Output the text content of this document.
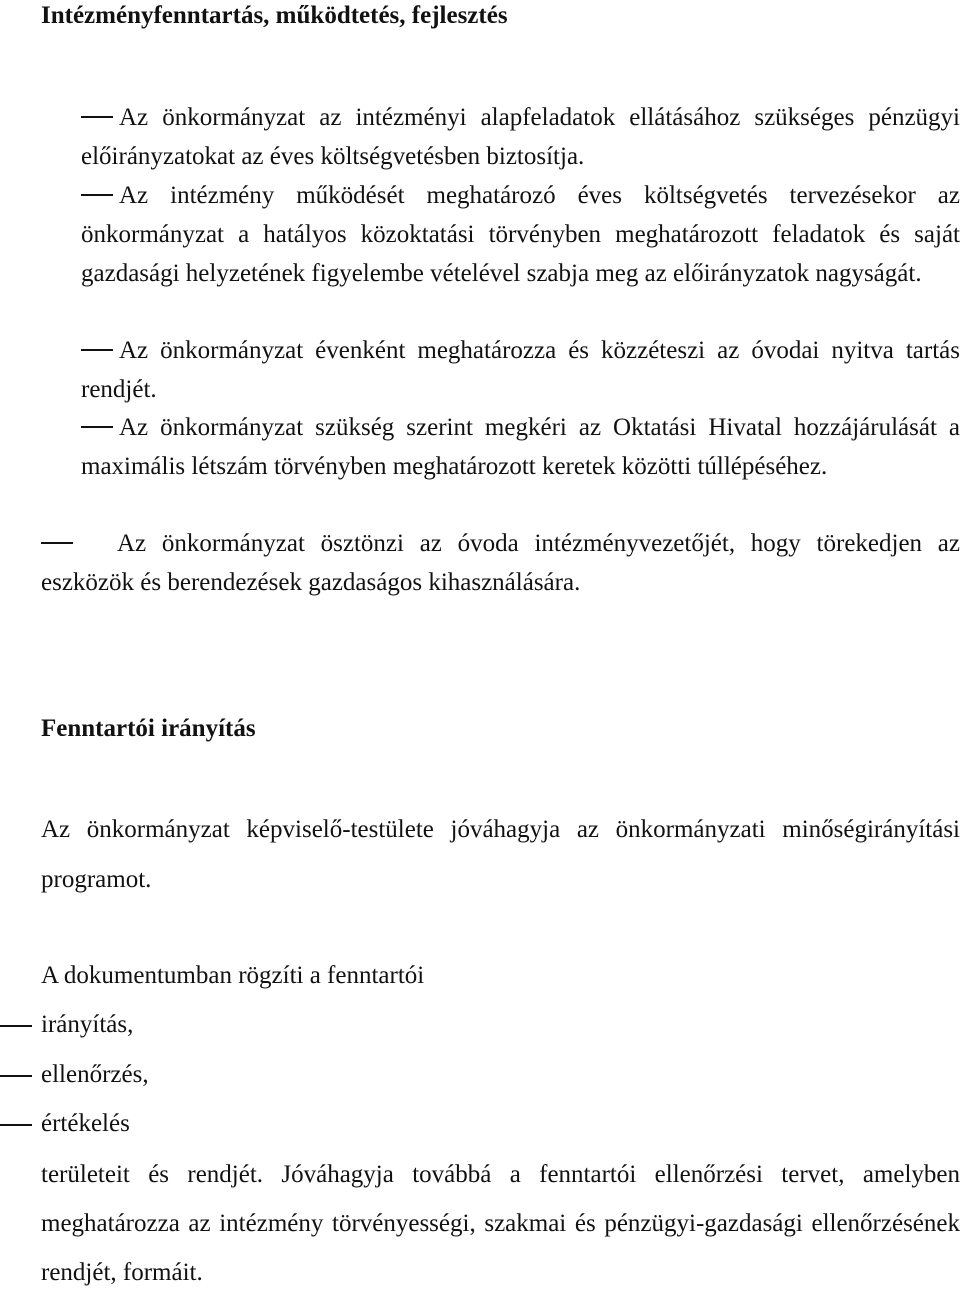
Intézményfenntartás, működtetés, fejlesztés
Az önkormányzat az intézményi alapfeladatok ellátásához szükséges pénzügyi előirányzatokat az éves költségvetésben biztosítja.
Az intézmény működését meghatározó éves költségvetés tervezésekor az önkormányzat a hatályos közoktatási törvényben meghatározott feladatok és saját gazdasági helyzetének figyelembe vételével szabja meg az előirányzatok nagyságát.
Az önkormányzat évenként meghatározza és közzéteszi az óvodai nyitva tartás rendjét.
Az önkormányzat szükség szerint megkéri az Oktatási Hivatal hozzájárulását a maximális létszám törvényben meghatározott keretek közötti túllépéséhez.
Az önkormányzat ösztönzi az óvoda intézményvezetőjét, hogy törekedjen az eszközök és berendezések gazdaságos kihasználására.
Fenntartói irányítás
Az önkormányzat képviselő-testülete jóváhagyja az önkormányzati minőségirányítási programot.
A dokumentumban rögzíti a fenntartói
irányítás,
ellenőrzés,
értékelés
területeit és rendjét. Jóváhagyja továbbá a fenntartói ellenőrzési tervet, amelyben meghatározza az intézmény törvényességi, szakmai és pénzügyi-gazdasági ellenőrzésének rendjét, formáit.
